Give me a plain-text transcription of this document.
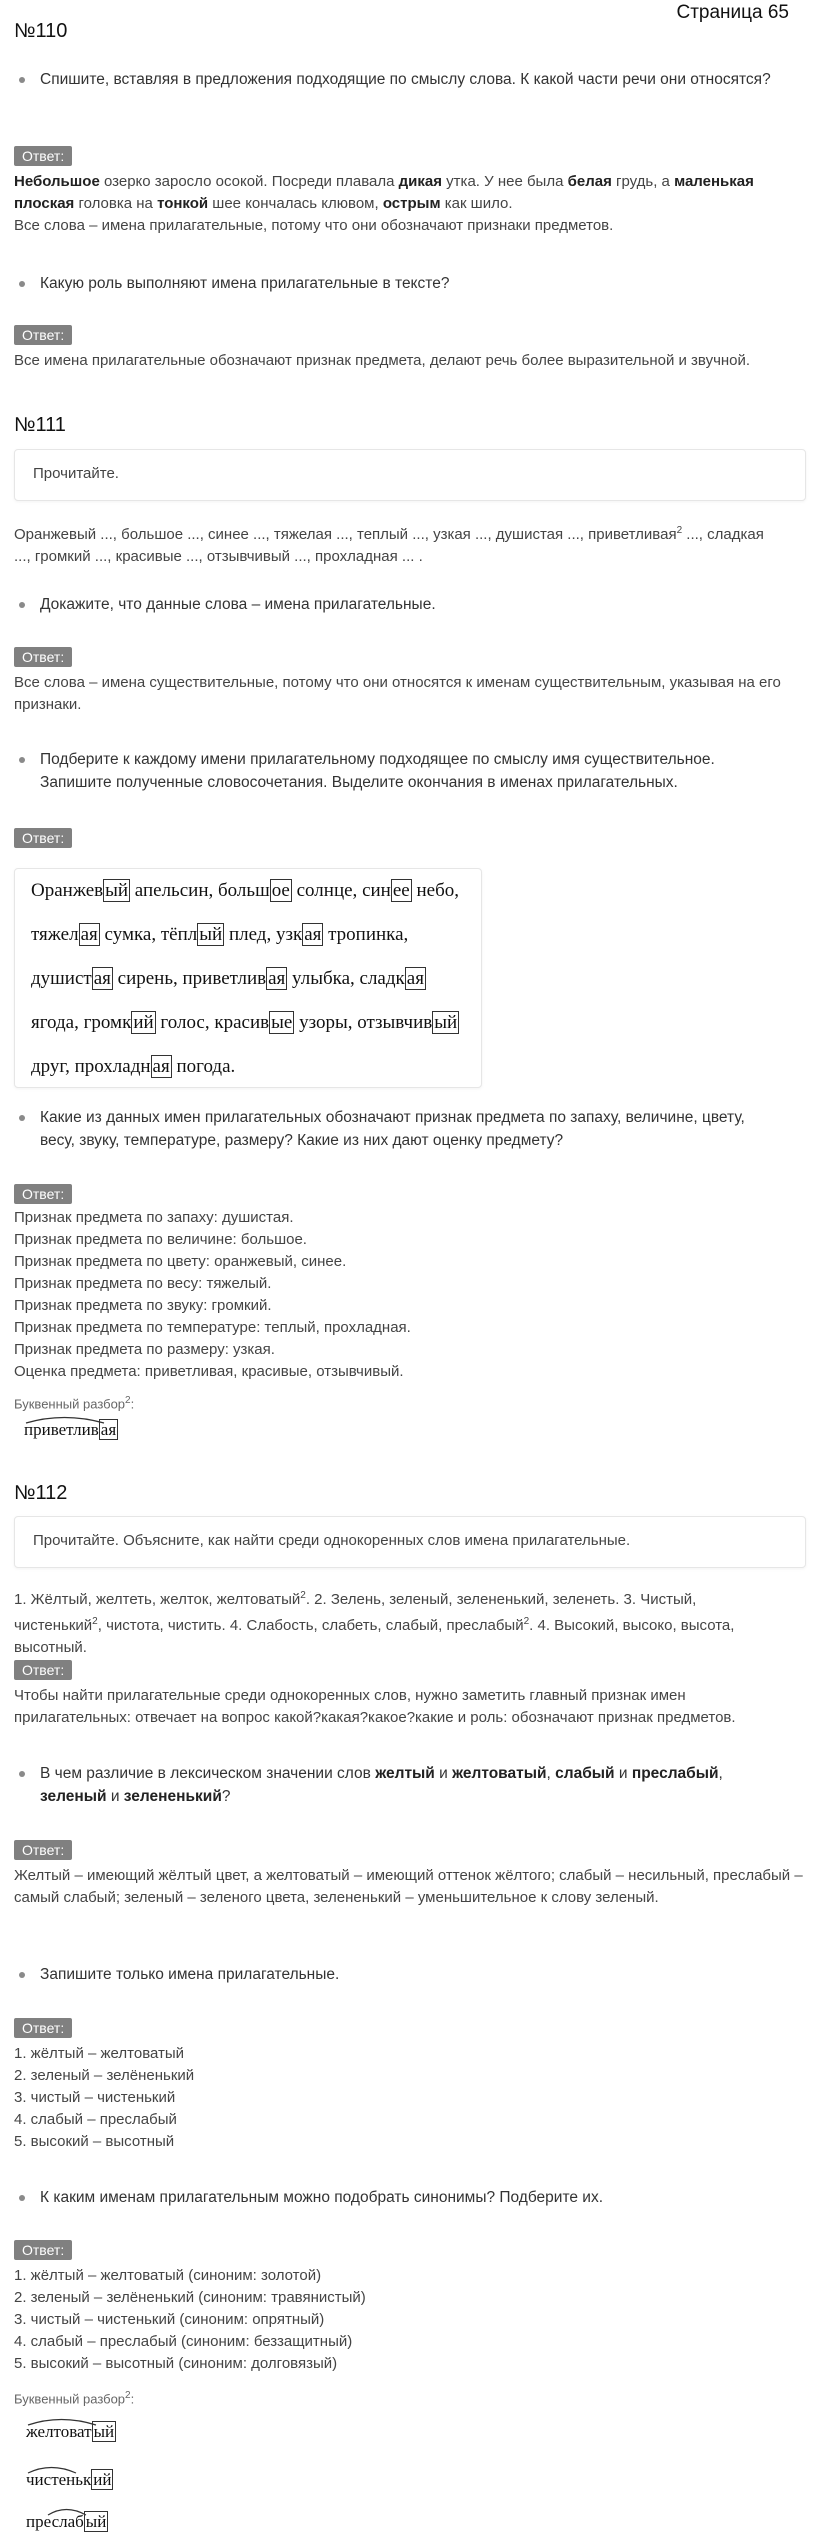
Страница 65
№110
Спишите, вставляя в предложения подходящие по смыслу слова. К какой части речи они относятся?
Ответ:
Небольшое озерко заросло осокой. Посреди плавала дикая утка. У нее была белая грудь, а маленькая
плоская головка на тонкой шее кончалась клювом, острым как шило.
Все слова – имена прилагательные, потому что они обозначают признаки предметов.
Какую роль выполняют имена прилагательные в тексте?
Ответ:
Все имена прилагательные обозначают признак предмета, делают речь более выразительной и звучной.
№111
Прочитайте.
Оранжевый ..., большое ..., синее ..., тяжелая ..., теплый ..., узкая ..., душистая ..., приветливая$^2$ ..., сладкая
..., громкий ..., красивые ..., отзывчивый ..., прохладная ... .
Докажите, что данные слова – имена прилагательные.
Ответ:
Все слова – имена существительные, потому что они относятся к именам существительным, указывая на его признаки.
Подберите к каждому имени прилагательному подходящее по смыслу имя существительное. Запишите полученные словосочетания. Выделите окончания в именах прилагательных.
Ответ:
Оранжев ый апельсин, больш ое солнце, син ее небо,
тяжел ая сумка, тёпл ый плед, узк ая тропинка,
душист ая сирень, приветлив ая улыбка, сладк ая
ягода, громк ий голос, красив ые узоры, отзывчив ый
друг, прохладн ая погода.
Какие из данных имен прилагательных обозначают признак предмета по запаху, величине, цвету, весу, звуку, температуре, размеру? Какие из них дают оценку предмету?
Ответ:
Признак предмета по запаху: душистая.
Признак предмета по величине: большое.
Признак предмета по цвету: оранжевый, синее.
Признак предмета по весу: тяжелый.
Признак предмета по звуку: громкий.
Признак предмета по температуре: теплый, прохладная.
Признак предмета по размеру: узкая.
Оценка предмета: приветливая, красивые, отзывчивый.
Буквенный разбор$^2$:
приветлив ая
№112
Прочитайте. Объясните, как найти среди однокоренных слов имена прилагательные.
1. Жёлтый, желтеть, желток, желтоватый$^2$. 2. Зелень, зеленый, зелененький, зеленеть. 3. Чистый,
чистенький$^2$, чистота, чистить. 4. Слабость, слабеть, слабый, преслабый$^2$. 4. Высокий, высоко, высота,
высотный.
Ответ:
Чтобы найти прилагательные среди однокоренных слов, нужно заметить главный признак имен прилагательных: отвечает на вопрос какой?какая?какое?какие и роль: обозначают признак предметов.
В чем различие в лексическом значении слов желтый и желтоватый, слабый и преслабый,
зеленый и зелененький?
Ответ:
Желтый – имеющий жёлтый цвет, а желтоватый – имеющий оттенок жёлтого; слабый – несильный, преслабый – самый слабый; зеленый – зеленого цвета, зелененький – уменьшительное к слову зеленый.
Запишите только имена прилагательные.
Ответ:
1. жёлтый – желтоватый
2. зеленый – зелёненький
3. чистый – чистенький
4. слабый – преслабый
5. высокий – высотный
К каким именам прилагательным можно подобрать синонимы? Подберите их.
Ответ:
1. жёлтый – желтоватый (синоним: золотой)
2. зеленый – зелёненький (синоним: травянистый)
3. чистый – чистенький (синоним: опрятный)
4. слабый – преслабый (синоним: беззащитный)
5. высокий – высотный (синоним: долговязый)
Буквенный разбор$^2$:
желтоват ый
чистеньк ий
преслаб ый
